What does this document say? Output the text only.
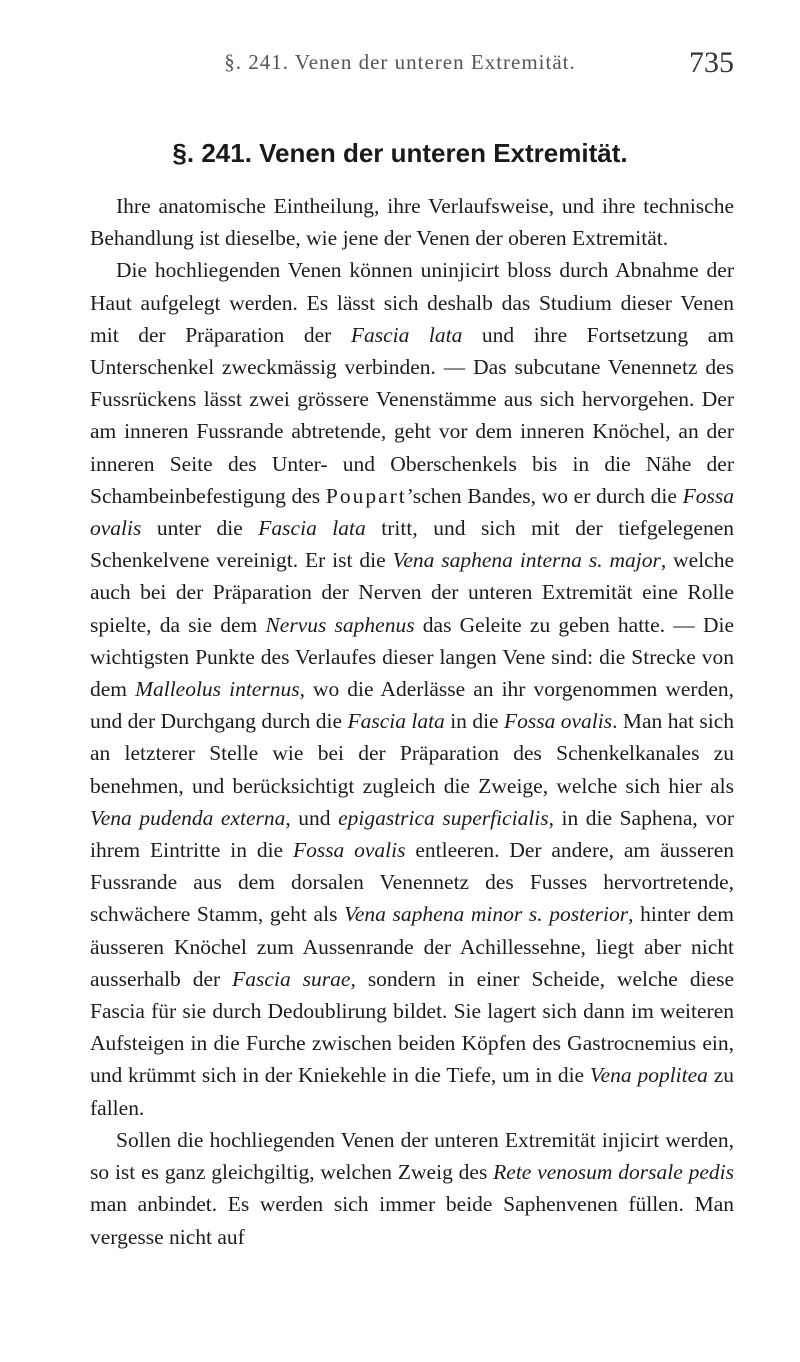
§. 241. Venen der unteren Extremität.	735
§. 241. Venen der unteren Extremität.

Ihre anatomische Eintheilung, ihre Verlaufsweise, und ihre technische Behandlung ist dieselbe, wie jene der Venen der oberen Extremität.

Die hochliegenden Venen können uninjicirt bloss durch Abnahme der Haut aufgelegt werden. Es lässt sich deshalb das Studium dieser Venen mit der Präparation der Fascia lata und ihre Fortsetzung am Unterschenkel zweckmässig verbinden. — Das subcutane Venennetz des Fussrückens lässt zwei grössere Venenstämme aus sich hervorgehen. Der am inneren Fussrande abtretende, geht vor dem inneren Knöchel, an der inneren Seite des Unter- und Oberschenkels bis in die Nähe der Schambeinbefestigung des Poupart’schen Bandes, wo er durch die Fossa ovalis unter die Fascia lata tritt, und sich mit der tiefgelegenen Schenkelvene vereinigt. Er ist die Vena saphena interna s. major, welche auch bei der Präparation der Nerven der unteren Extremität eine Rolle spielte, da sie dem Nervus saphenus das Geleite zu geben hatte. — Die wichtigsten Punkte des Verlaufes dieser langen Vene sind: die Strecke von dem Malleolus internus, wo die Aderlässe an ihr vorgenommen werden, und der Durchgang durch die Fascia lata in die Fossa ovalis. Man hat sich an letzterer Stelle wie bei der Präparation des Schenkelkanales zu benehmen, und berücksichtigt zugleich die Zweige, welche sich hier als Vena pudenda externa, und epigastrica superficialis, in die Saphena, vor ihrem Eintritte in die Fossa ovalis entleeren. Der andere, am äusseren Fussrande aus dem dorsalen Venennetz des Fusses hervortretende, schwächere Stamm, geht als Vena saphena minor s. posterior, hinter dem äusseren Knöchel zum Aussenrande der Achillessehne, liegt aber nicht ausserhalb der Fascia surae, sondern in einer Scheide, welche diese Fascia für sie durch Dedoublirung bildet. Sie lagert sich dann im weiteren Aufsteigen in die Furche zwischen beiden Köpfen des Gastrocnemius ein, und krümmt sich in der Kniekehle in die Tiefe, um in die Vena poplitea zu fallen.

Sollen die hochliegenden Venen der unteren Extremität injicirt werden, so ist es ganz gleichgiltig, welchen Zweig des Rete venosum dorsale pedis man anbindet. Es werden sich immer beide Saphenvenen füllen. Man vergesse nicht auf
